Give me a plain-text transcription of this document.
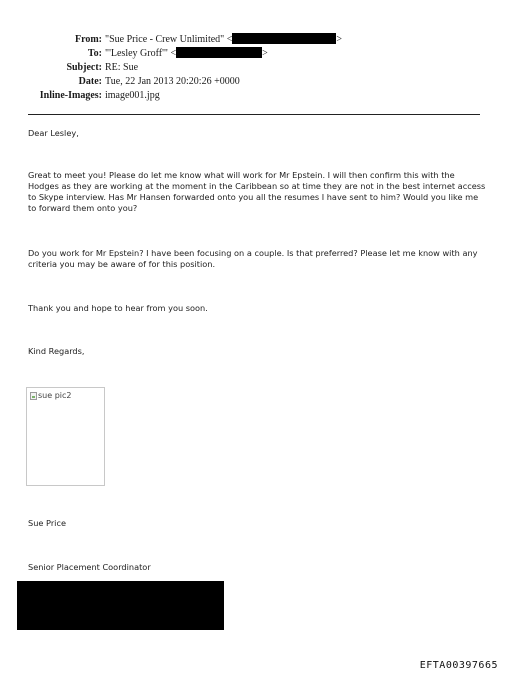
From: "Sue Price - Crew Unlimited" <	>
To: "'Lesley Groff'" <	>
Subject: RE: Sue
Date: Tue, 22 Jan 2013 20:20:26 +0000
Inline-Images: image001.jpg

Dear Lesley,

Great to meet you! Please do let me know what will work for Mr Epstein. I will then confirm this with the Hodges as they are working at the moment in the Caribbean so at time they are not in the best internet access to Skype interview. Has Mr Hansen forwarded onto you all the resumes I have sent to him? Would you like me to forward them onto you?

Do you work for Mr Epstein? I have been focusing on a couple. Is that preferred? Please let me know with any criteria you may be aware of for this position.

Thank you and hope to hear from you soon.

Kind Regards,

Sue Price

Senior Placement Coordinator

sue pic2
EFTA00397665
